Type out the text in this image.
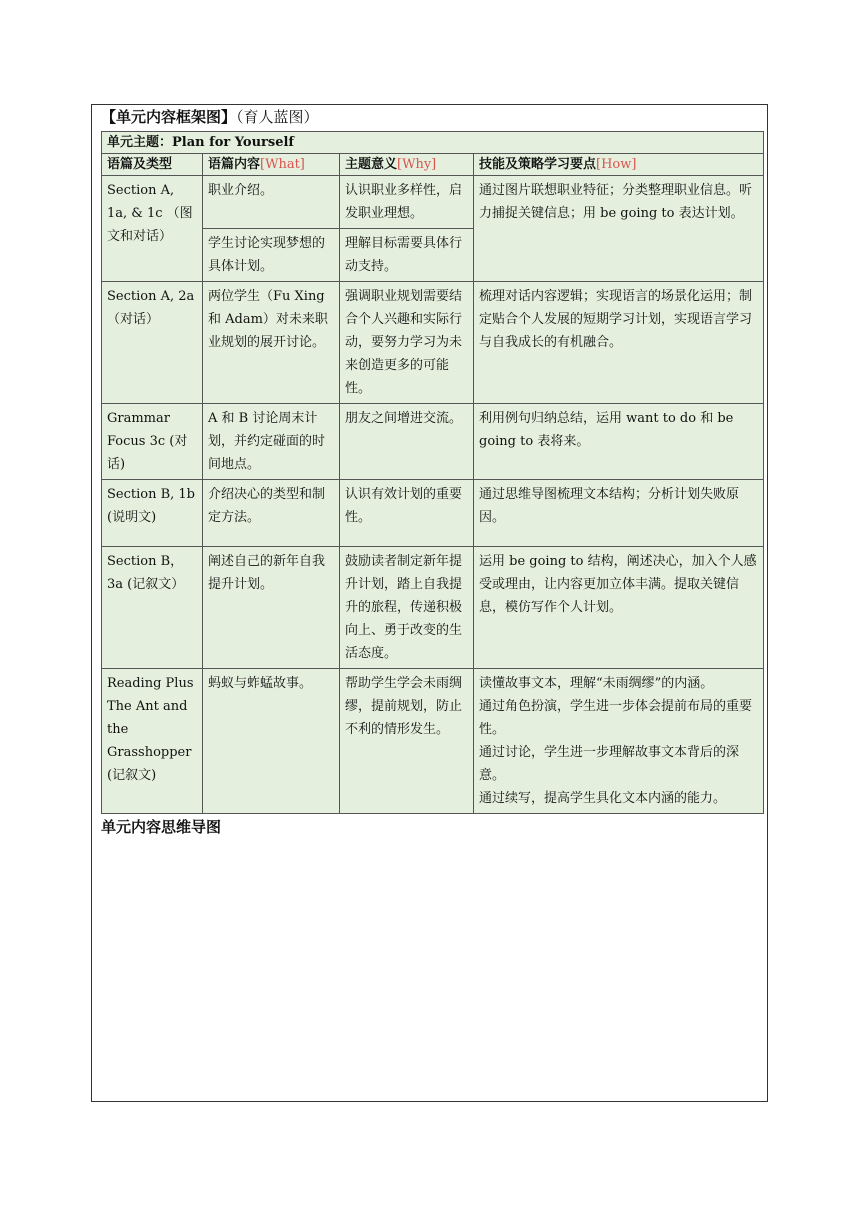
【单元内容框架图】（育人蓝图）
单元主题：Plan for Yourself			
语篇及类型	语篇内容[What]	主题意义[Why]	技能及策略学习要点[How]
Section A, 1a, & 1c （图文和对话）	职业介绍。	认识职业多样性，启发职业理想。	通过图片联想职业特征；分类整理职业信息。听力捕捉关键信息；用 be going to 表达计划。
	学生讨论实现梦想的具体计划。	理解目标需要具体行动支持。	
Section A, 2a （对话）	两位学生（Fu Xing 和 Adam）对未来职业规划的展开讨论。	强调职业规划需要结合个人兴趣和实际行动，要努力学习为未来创造更多的可能性。	梳理对话内容逻辑；实现语言的场景化运用；制定贴合个人发展的短期学习计划，实现语言学习与自我成长的有机融合。
Grammar Focus 3c (对话)	A 和 B 讨论周末计划，并约定碰面的时间地点。	朋友之间增进交流。	利用例句归纳总结，运用 want to do 和 be going to 表将来。
Section B, 1b (说明文)	介绍决心的类型和制定方法。	认识有效计划的重要性。	通过思维导图梳理文本结构；分析计划失败原因。
Section B，3a (记叙文）	阐述自己的新年自我提升计划。	鼓励读者制定新年提升计划，踏上自我提升的旅程，传递积极向上、勇于改变的生活态度。	运用 be going to 结构，阐述决心，加入个人感受或理由，让内容更加立体丰满。提取关键信息，模仿写作个人计划。
Reading Plus The Ant and the Grasshopper (记叙文)	蚂蚁与蚱蜢故事。	帮助学生学会未雨绸缪，提前规划，防止不利的情形发生。	读懂故事文本，理解“未雨绸缪”的内涵。
通过角色扮演，学生进一步体会提前布局的重要性。
通过讨论，学生进一步理解故事文本背后的深意。
通过续写，提高学生具化文本内涵的能力。
单元内容思维导图
